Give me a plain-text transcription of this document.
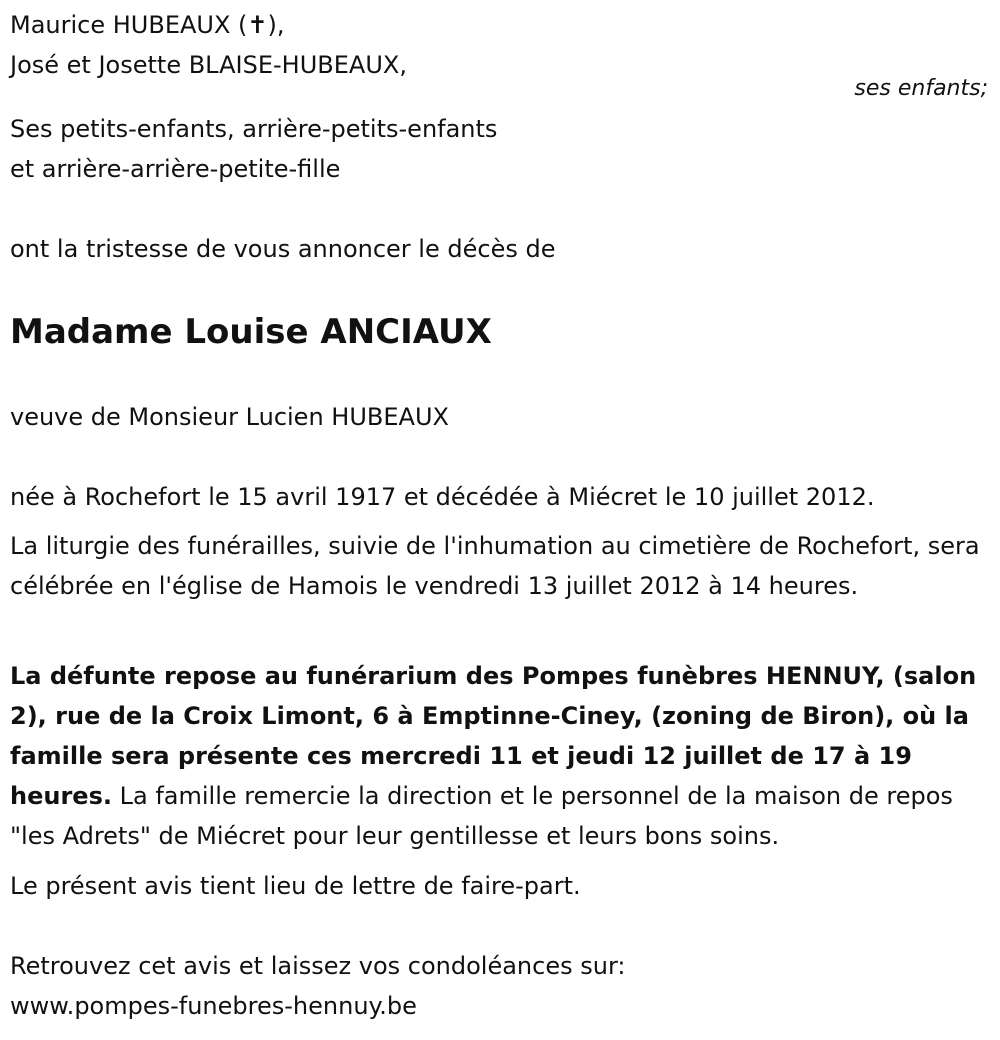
Maurice HUBEAUX (✝),
José et Josette BLAISE-HUBEAUX,
ses enfants;
Ses petits-enfants, arrière-petits-enfants
et arrière-arrière-petite-fille
ont la tristesse de vous annoncer le décès de
Madame Louise ANCIAUX
veuve de Monsieur Lucien HUBEAUX
née à Rochefort le 15 avril 1917 et décédée à Miécret le 10 juillet 2012.
La liturgie des funérailles, suivie de l'inhumation au cimetière de Rochefort, sera célébrée en l'église de Hamois le vendredi 13 juillet 2012 à 14 heures.
La défunte repose au funérarium des Pompes funèbres HENNUY, (salon 2), rue de la Croix Limont, 6 à Emptinne-Ciney, (zoning de Biron), où la famille sera présente ces mercredi 11 et jeudi 12 juillet de 17 à 19 heures. La famille remercie la direction et le personnel de la maison de repos "les Adrets" de Miécret pour leur gentillesse et leurs bons soins.
Le présent avis tient lieu de lettre de faire-part.
Retrouvez cet avis et laissez vos condoléances sur:
www.pompes-funebres-hennuy.be
